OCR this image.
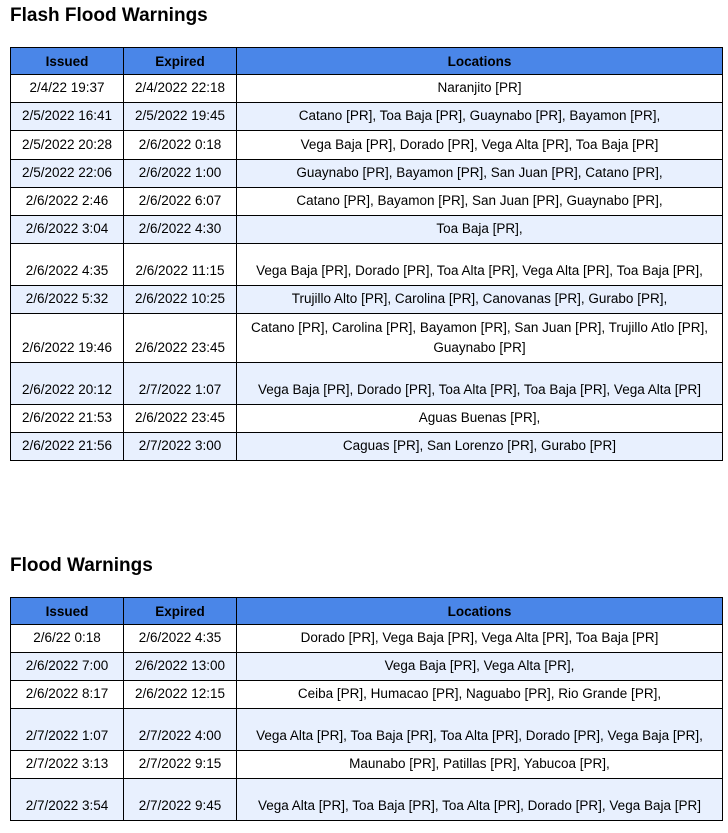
Flash Flood Warnings
Issued	Expired	Locations
2/4/22 19:37	2/4/2022 22:18	Naranjito [PR]
2/5/2022 16:41	2/5/2022 19:45	Catano [PR], Toa Baja [PR], Guaynabo [PR], Bayamon [PR],
2/5/2022 20:28	2/6/2022 0:18	Vega Baja [PR], Dorado [PR], Vega Alta [PR], Toa Baja [PR]
2/5/2022 22:06	2/6/2022 1:00	Guaynabo [PR], Bayamon [PR], San Juan [PR], Catano [PR],
2/6/2022 2:46	2/6/2022 6:07	Catano [PR], Bayamon [PR], San Juan [PR], Guaynabo [PR],
2/6/2022 3:04	2/6/2022 4:30	Toa Baja [PR],
2/6/2022 4:35	2/6/2022 11:15	Vega Baja [PR], Dorado [PR], Toa Alta [PR], Vega Alta [PR], Toa Baja [PR],
2/6/2022 5:32	2/6/2022 10:25	Trujillo Alto [PR], Carolina [PR], Canovanas [PR], Gurabo [PR],
2/6/2022 19:46	2/6/2022 23:45	Catano [PR], Carolina [PR], Bayamon [PR], San Juan [PR], Trujillo Atlo [PR], Guaynabo [PR]
2/6/2022 20:12	2/7/2022 1:07	Vega Baja [PR], Dorado [PR], Toa Alta [PR], Toa Baja [PR], Vega Alta [PR]
2/6/2022 21:53	2/6/2022 23:45	Aguas Buenas [PR],
2/6/2022 21:56	2/7/2022 3:00	Caguas [PR], San Lorenzo [PR], Gurabo [PR]
Flood Warnings
Issued	Expired	Locations
2/6/22 0:18	2/6/2022 4:35	Dorado [PR], Vega Baja [PR], Vega Alta [PR], Toa Baja [PR]
2/6/2022 7:00	2/6/2022 13:00	Vega Baja [PR], Vega Alta [PR],
2/6/2022 8:17	2/6/2022 12:15	Ceiba [PR], Humacao [PR], Naguabo [PR], Rio Grande [PR],
2/7/2022 1:07	2/7/2022 4:00	Vega Alta [PR], Toa Baja [PR], Toa Alta [PR], Dorado [PR], Vega Baja [PR],
2/7/2022 3:13	2/7/2022 9:15	Maunabo [PR], Patillas [PR], Yabucoa [PR],
2/7/2022 3:54	2/7/2022 9:45	Vega Alta [PR], Toa Baja [PR], Toa Alta [PR], Dorado [PR], Vega Baja [PR]
